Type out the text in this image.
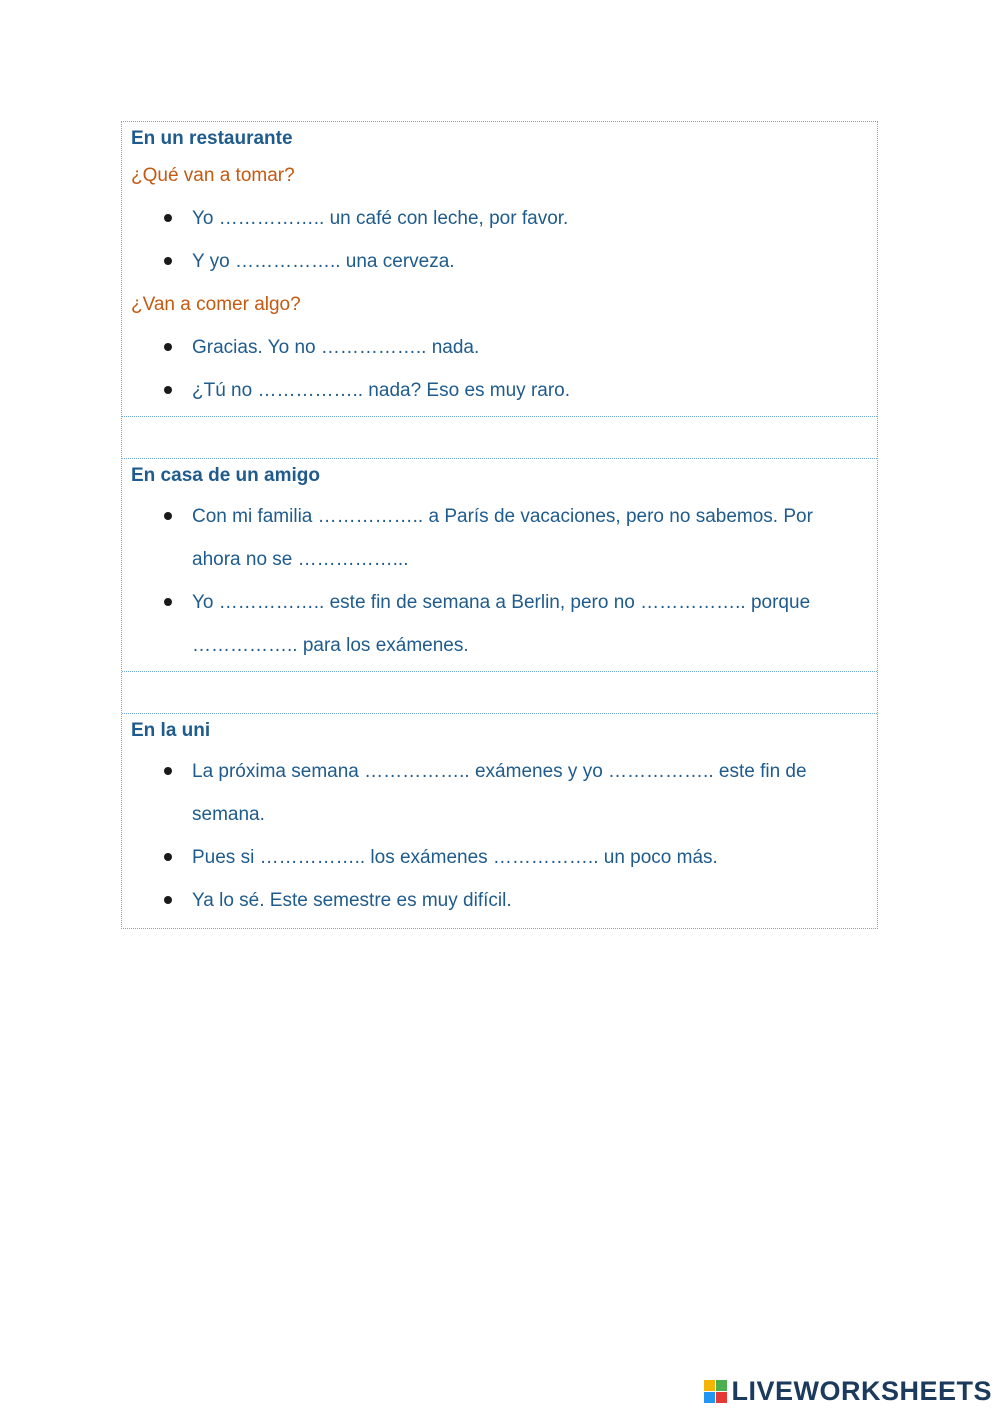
En un restaurante
¿Qué van a tomar?
Yo …………….. un café con leche, por favor.
Y yo …………….. una cerveza.
¿Van a comer algo?
Gracias. Yo no …………….. nada.
¿Tú no …………….. nada? Eso es muy raro.
En casa de un amigo
Con mi familia …………….. a París de vacaciones, pero no sabemos. Por
ahora no se ……………...
Yo …………….. este fin de semana a Berlin, pero no …………….. porque
…………….. para los exámenes.
En la uni
La próxima semana …………….. exámenes y yo …………….. este fin de
semana.
Pues si …………….. los exámenes …………….. un poco más.
Ya lo sé. Este semestre es muy difícil.
LIVEWORKSHEETS
